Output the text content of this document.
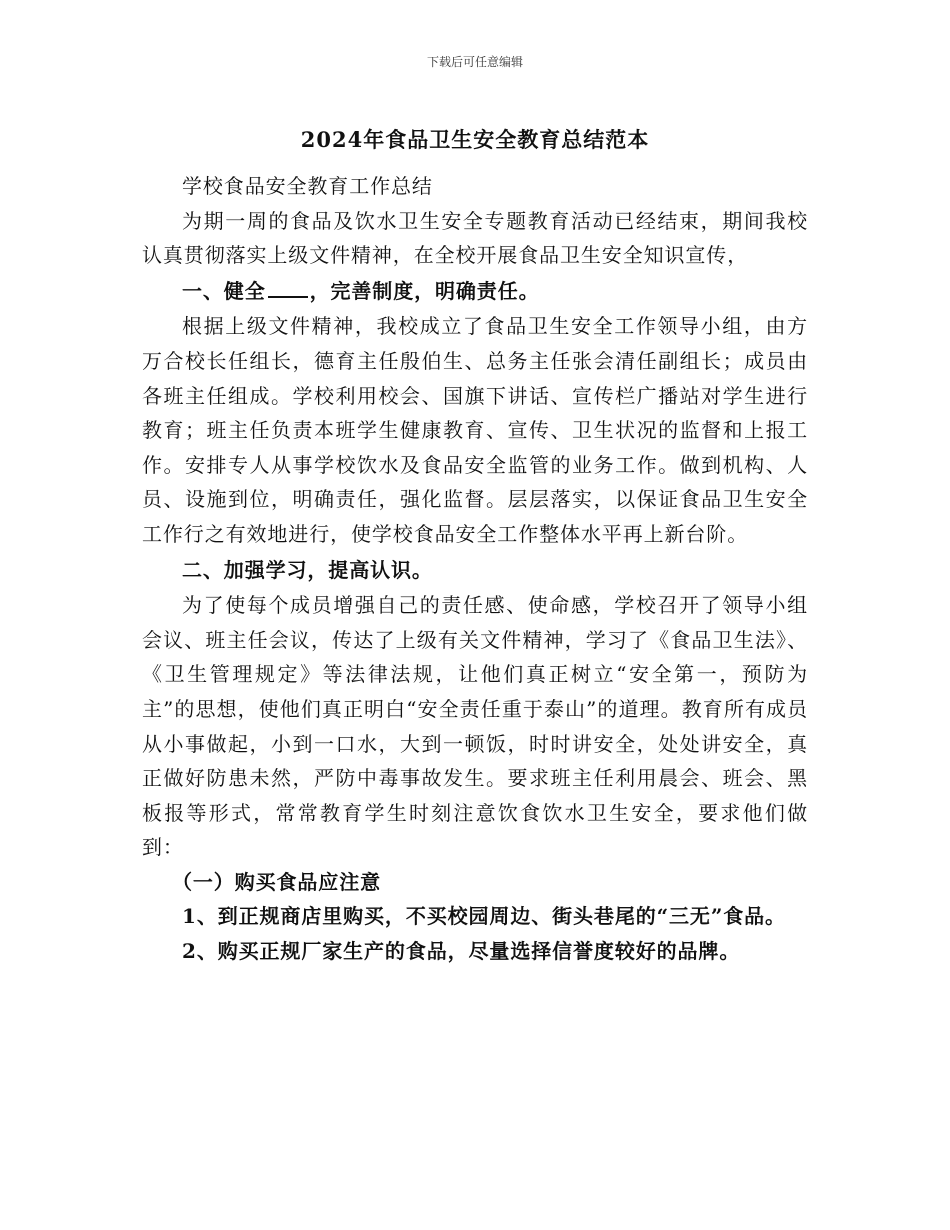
下载后可任意编辑
2024年食品卫生安全教育总结范本

学校食品安全教育工作总结

为期一周的食品及饮水卫生安全专题教育活动已经结束，期间我校认真贯彻落实上级文件精神，在全校开展食品卫生安全知识宣传，

一、健全 ，完善制度，明确责任。

根据上级文件精神，我校成立了食品卫生安全工作领导小组，由方万合校长任组长，德育主任殷伯生、总务主任张会清任副组长；成员由各班主任组成。学校利用校会、国旗下讲话、宣传栏广播站对学生进行教育；班主任负责本班学生健康教育、宣传、卫生状况的监督和上报工作。安排专人从事学校饮水及食品安全监管的业务工作。做到机构、人员、设施到位，明确责任，强化监督。层层落实，以保证食品卫生安全工作行之有效地进行，使学校食品安全工作整体水平再上新台阶。

二、加强学习，提高认识。

为了使每个成员增强自己的责任感、使命感，学校召开了领导小组会议、班主任会议，传达了上级有关文件精神，学习了《食品卫生法》、《卫生管理规定》等法律法规，让他们真正树立“安全第一，预防为主”的思想，使他们真正明白“安全责任重于泰山”的道理。教育所有成员从小事做起，小到一口水，大到一顿饭，时时讲安全，处处讲安全，真正做好防患未然，严防中毒事故发生。要求班主任利用晨会、班会、黑板报等形式，常常教育学生时刻注意饮食饮水卫生安全，要求他们做到：

（一）购买食品应注意

1、到正规商店里购买，不买校园周边、街头巷尾的“三无”食品。

2、购买正规厂家生产的食品，尽量选择信誉度较好的品牌。
